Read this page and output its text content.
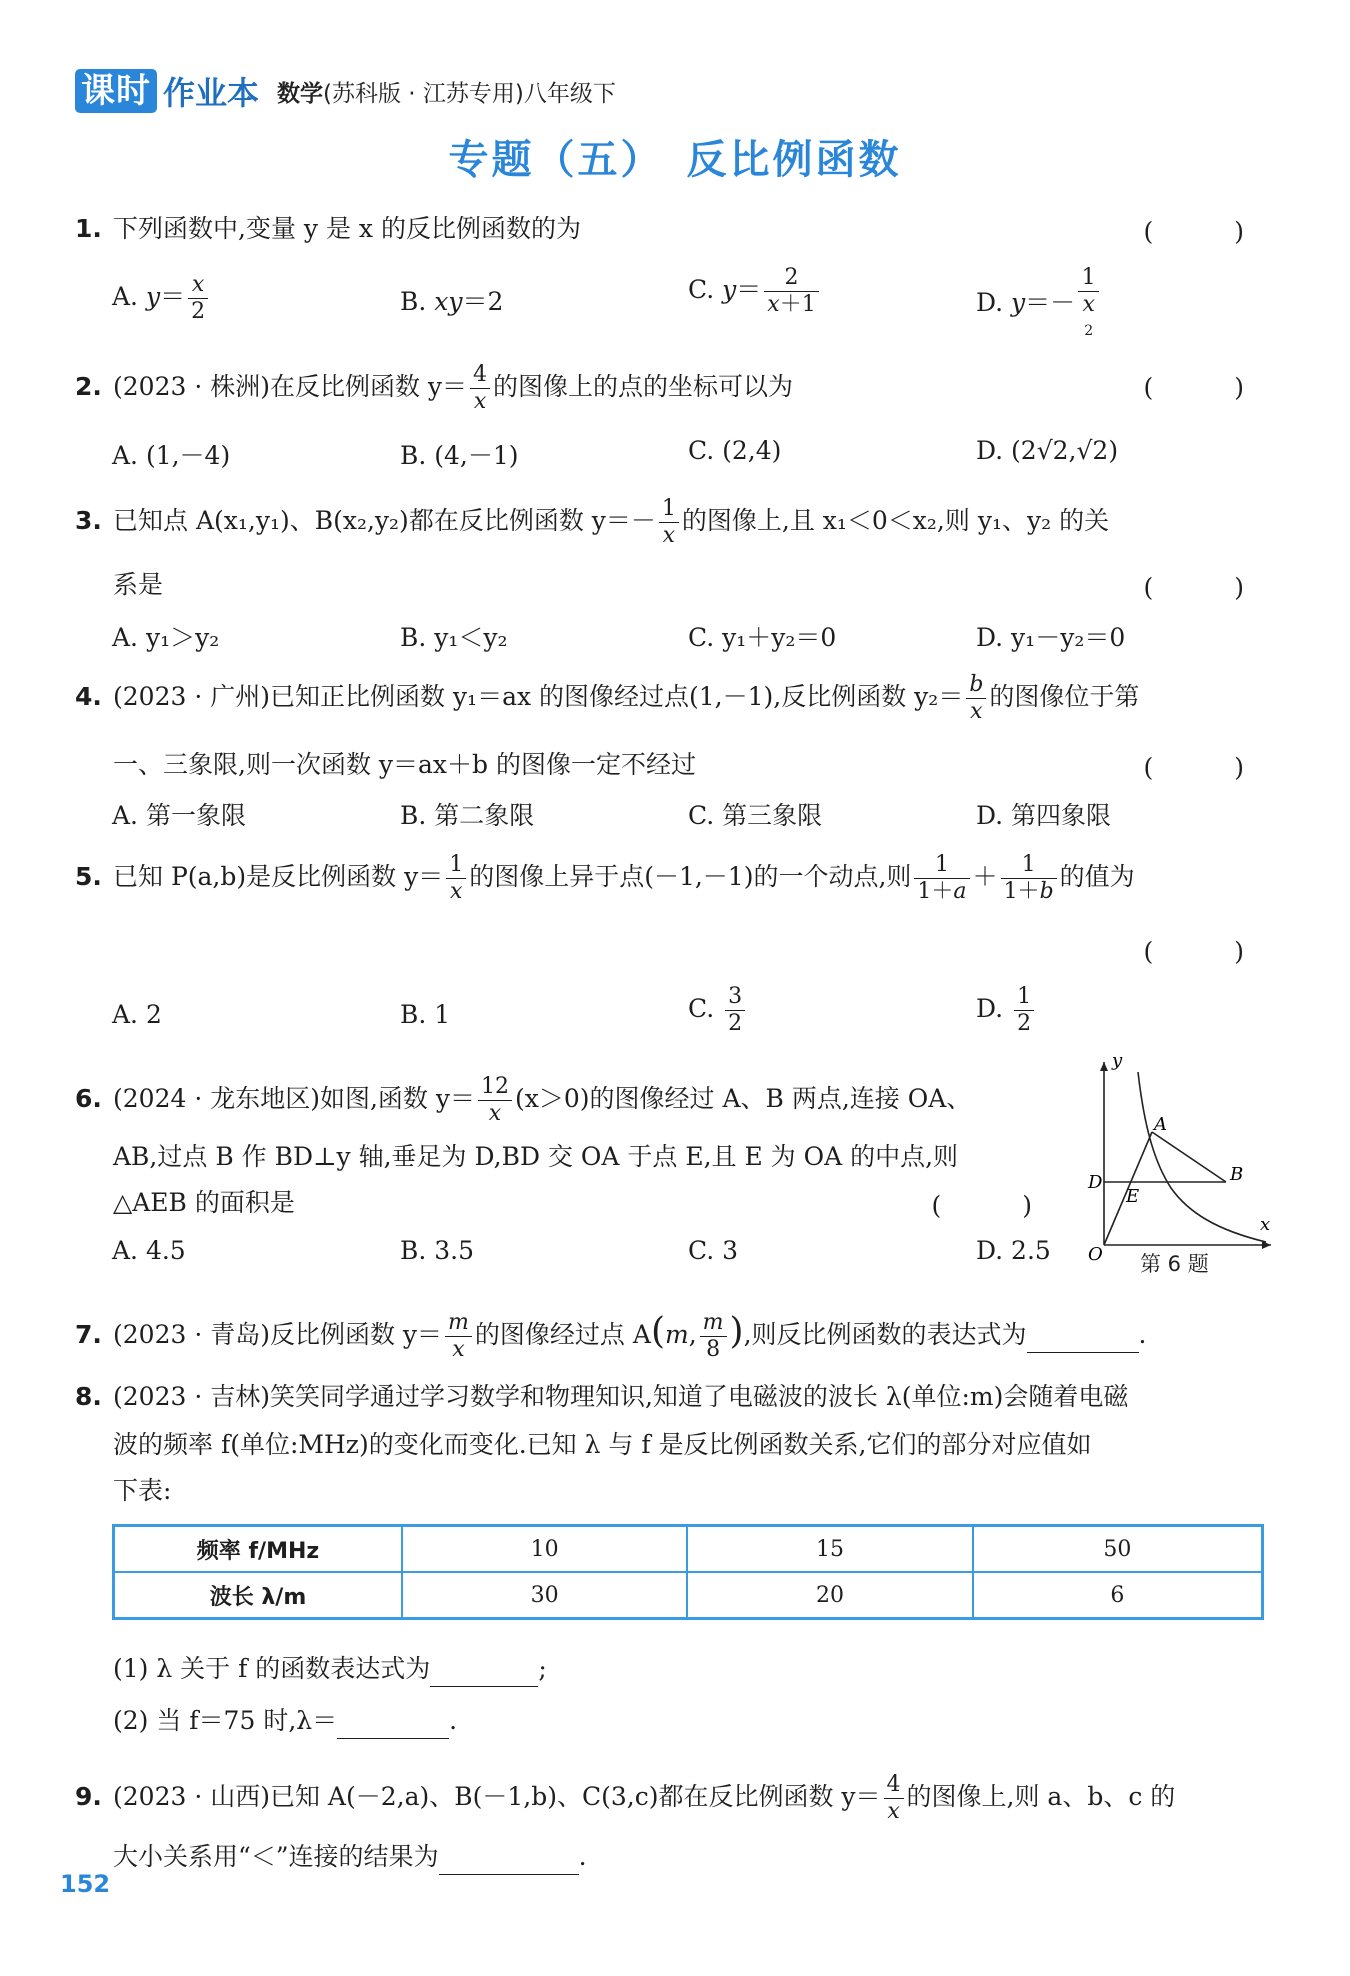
课时 作业本 数学(苏科版 · 江苏专用)八年级下
专题（五）　反比例函数
1. 下列函数中,变量 y 是 x 的反比例函数的为	(　)
A. $y= \frac{x}{2}$	B. xy＝2	C. $y= \frac{2}{x+1}$	D. y＝－ 1
x
2
2. (2023 · 株洲)在反比例函数 $y= \frac{4}{x}$ 的图像上的点的坐标可以为	(　)
A. (1,－4)	B. (4,－1)	C. (2,4)	D. (2√2,√2)
3. 已知点 A(x₁,y₁)、B(x₂,y₂)都在反比例函数 $y=- \frac{1}{x}$ 的图像上,且 x₁＜0＜x₂,则 y₁、y₂ 的关
系是	(　)
A. y₁＞y₂	B. y₁＜y₂	C. y₁＋y₂＝0	D. y₁－y₂＝0
4. (2023 · 广州)已知正比例函数 y₁＝ax 的图像经过点(1,－1),反比例函数 $y_2= \frac{b}{x}$ 的图像位于第
一、三象限,则一次函数 y＝ax＋b 的图像一定不经过	(　)
A. 第一象限	B. 第二象限	C. 第三象限	D. 第四象限
5. 已知 P(a,b)是反比例函数 $y= \frac{1}{x}$ 的图像上异于点(－1,－1)的一个动点,则 $\frac{1}{1+a} + \frac{1}{1+b}$ 的值为
(　)
A. 2	B. 1	C. $\frac{3}{2}$	D. $\frac{1}{2}$
6. (2024 · 龙东地区)如图,函数 $y= \frac{12}{x} (x>0)$的图像经过 A、B 两点,连接 OA、
AB,过点 B 作 BD⊥y 轴,垂足为 D,BD 交 OA 于点 E,且 E 为 OA 的中点,则
△AEB 的面积是	(　)
A. 4.5	B. 3.5	C. 3	D. 2.5
y
A
B
D
E
O
x
第 6 题
7. (2023 · 青岛)反比例函数 $y= \frac{m}{x}$ 的图像经过点 A(m, $\frac{m}{8}$ ),则反比例函数的表达式为	.
8. (2023 · 吉林)笑笑同学通过学习数学和物理知识,知道了电磁波的波长 λ(单位:m)会随着电磁
波的频率 f(单位:MHz)的变化而变化.已知 λ 与 f 是反比例函数关系,它们的部分对应值如
下表:
频率 f/MHz	10	15	50
波长 λ/m	30	20	6
(1) λ 关于 f 的函数表达式为	;
(2) 当 f＝75 时,λ＝	.
9. (2023 · 山西)已知 A(－2,a)、B(－1,b)、C(3,c)都在反比例函数 $y= \frac{4}{x}$ 的图像上,则 a、b、c 的
大小关系用“＜”连接的结果为	.
152
